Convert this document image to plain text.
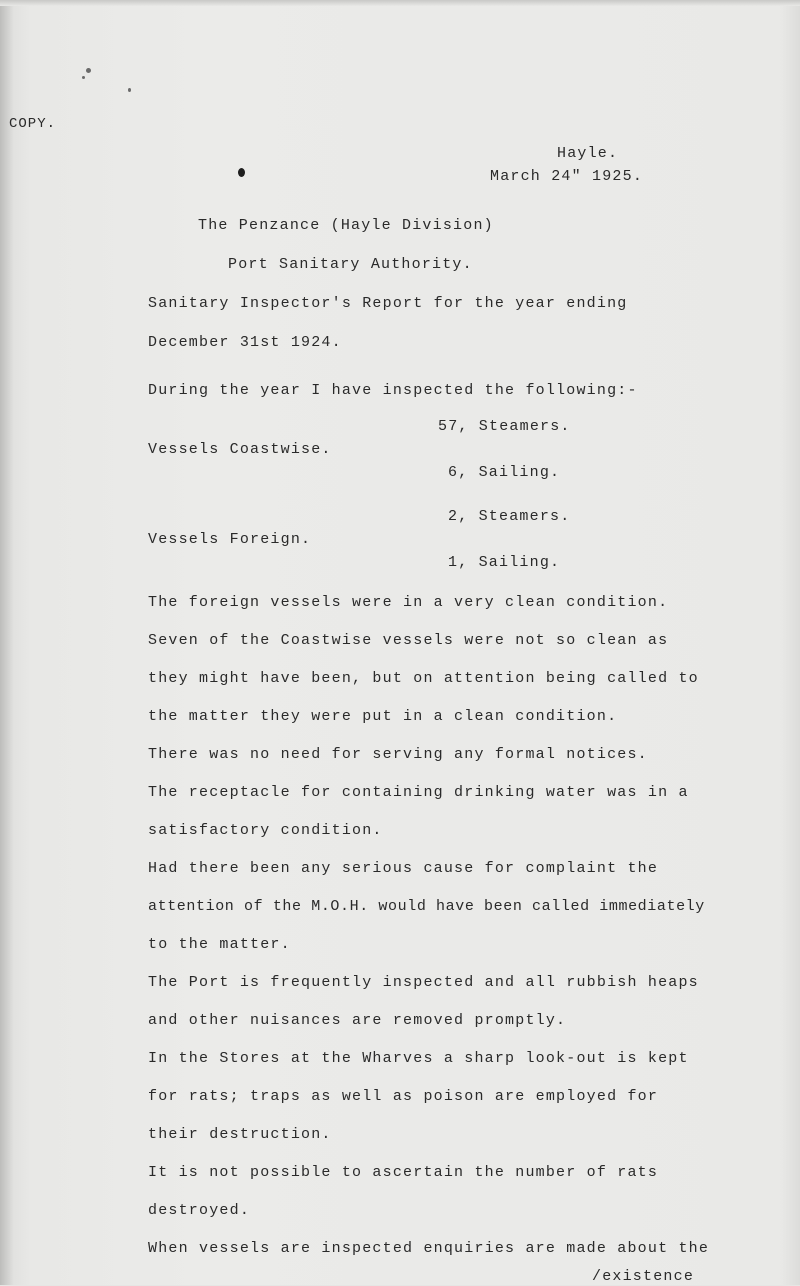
COPY.
Hayle.
March 24" 1925.
The Penzance (Hayle Division)
Port Sanitary Authority.
Sanitary Inspector's Report for the year ending
December 31st 1924.
During the year I have inspected the following:-
57, Steamers.
Vessels Coastwise.
6, Sailing.
2, Steamers.
Vessels Foreign.
1, Sailing.
The foreign vessels were in a very clean condition.
Seven of the Coastwise vessels were not so clean as
they might have been, but on attention being called to
the matter they were put in a clean condition.
There was no need for serving any formal notices.
The receptacle for containing drinking water was in a
satisfactory condition.
Had there been any serious cause for complaint the
attention of the M.O.H. would have been called immediately
to the matter.
The Port is frequently inspected and all rubbish heaps
and other nuisances are removed promptly.
In the Stores at the Wharves a sharp look-out is kept
for rats; traps as well as poison are employed for
their destruction.
It is not possible to ascertain the number of rats
destroyed.
When vessels are inspected enquiries are made about the
/existence
